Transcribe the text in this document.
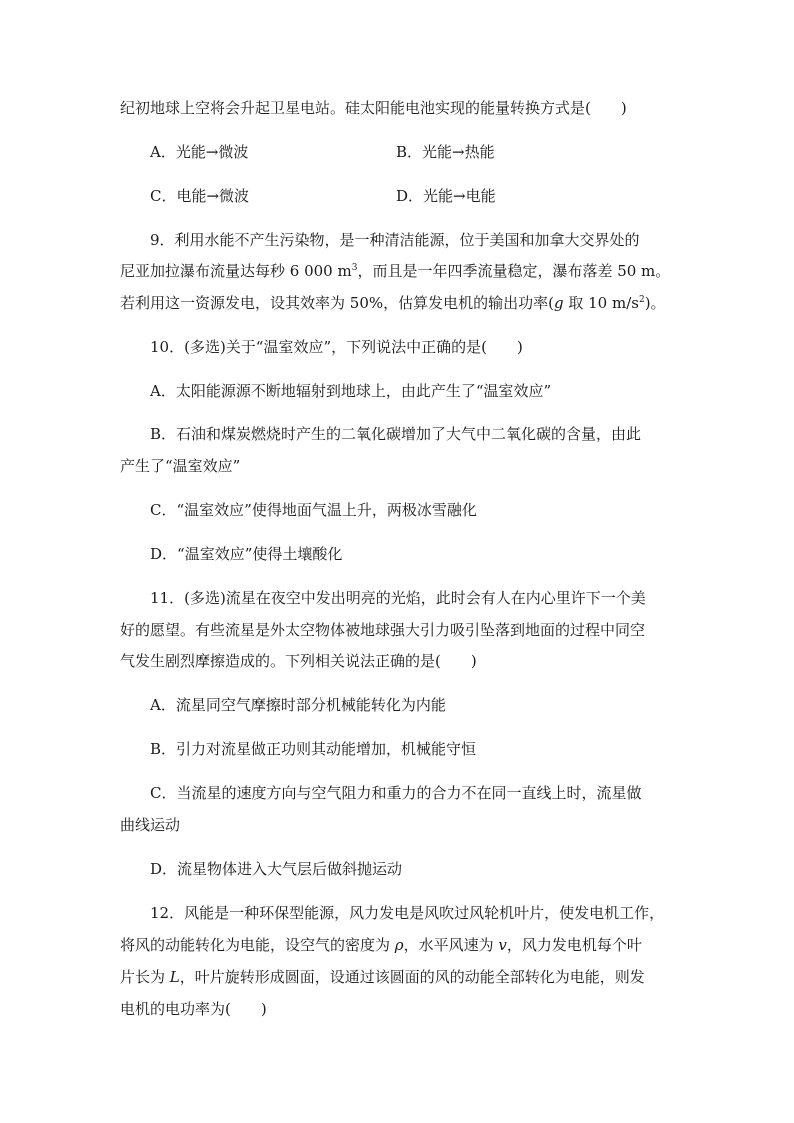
纪初地球上空将会升起卫星电站。硅太阳能电池实现的能量转换方式是(　　)
A．光能→微波	B．光能→热能
C．电能→微波	D．光能→电能
9．利用水能不产生污染物，是一种清洁能源，位于美国和加拿大交界处的
尼亚加拉瀑布流量达每秒 6 000 $m^3$，而且是一年四季流量稳定，瀑布落差 50 m。
若利用这一资源发电，设其效率为 50%，估算发电机的输出功率(g 取 10 $m/s^2$)。
10．(多选)关于“温室效应”，下列说法中正确的是(　　)
A．太阳能源源不断地辐射到地球上，由此产生了“温室效应”
B．石油和煤炭燃烧时产生的二氧化碳增加了大气中二氧化碳的含量，由此
产生了“温室效应”
C．“温室效应”使得地面气温上升，两极冰雪融化
D．“温室效应”使得土壤酸化
11．(多选)流星在夜空中发出明亮的光焰，此时会有人在内心里许下一个美
好的愿望。有些流星是外太空物体被地球强大引力吸引坠落到地面的过程中同空
气发生剧烈摩擦造成的。下列相关说法正确的是(　　)
A．流星同空气摩擦时部分机械能转化为内能
B．引力对流星做正功则其动能增加，机械能守恒
C．当流星的速度方向与空气阻力和重力的合力不在同一直线上时，流星做
曲线运动
D．流星物体进入大气层后做斜抛运动
12．风能是一种环保型能源，风力发电是风吹过风轮机叶片，使发电机工作，
将风的动能转化为电能，设空气的密度为 ρ，水平风速为 v，风力发电机每个叶
片长为 L，叶片旋转形成圆面，设通过该圆面的风的动能全部转化为电能，则发
电机的电功率为(　　)
